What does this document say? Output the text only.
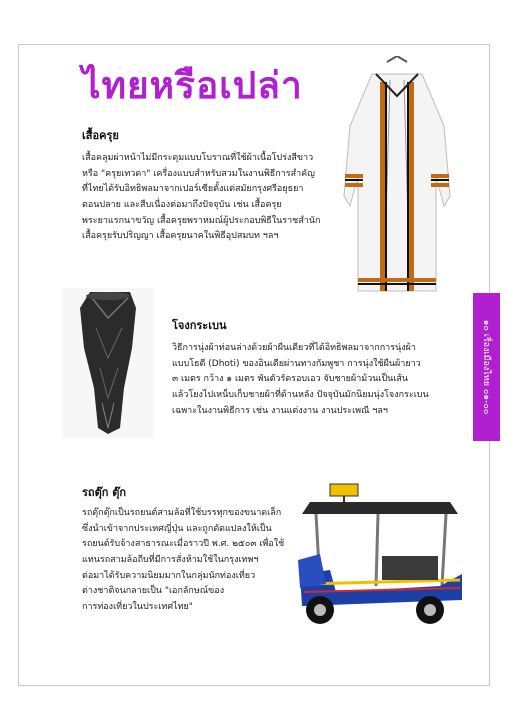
ไทยหรือเปล่า
เสื้อครุย
เสื้อคลุมผ่าหน้าไม่มีกระดุมแบบโบราณที่ใช้ผ้าเนื้อโปร่งสีขาว
หรือ "ครุยเทวดา" เครื่องแบบสำหรับสวมในงานพิธีการสำคัญ
ที่ไทยได้รับอิทธิพลมาจากเปอร์เซียตั้งแต่สมัยกรุงศรีอยุธยา
ตอนปลาย และสืบเนื่องต่อมาถึงปัจจุบัน เช่น เสื้อครุย
พระยาแรกนาขวัญ เสื้อครุยพราหมณ์ผู้ประกอบพิธีในราชสำนัก
เสื้อครุยรับปริญญา เสื้อครุยนาคในพิธีอุปสมบท ฯลฯ
โจงกระเบน
วิธีการนุ่งผ้าท่อนล่างด้วยผ้าผืนเดียวที่ได้อิทธิพลมาจากการนุ่งผ้า
แบบโธตี (Dhoti) ของอินเดียผ่านทางกัมพูชา การนุ่งใช้ผืนผ้ายาว
๓ เมตร กว้าง ๑ เมตร พันตัวรัดรอบเอว จับชายผ้าม้วนเป็นเส้น
แล้วโยงไปเหน็บเก็บชายผ้าที่ด้านหลัง ปัจจุบันมักนิยมนุ่งโจงกระเบน
เฉพาะในงานพิธีการ เช่น งานแต่งงาน งานประเพณี ฯลฯ
รถตุ๊ก ตุ๊ก
รถตุ๊กตุ๊กเป็นรถยนต์สามล้อที่ใช้บรรทุกของขนาดเล็ก
ซึ่งนำเข้าจากประเทศญี่ปุ่น และถูกดัดแปลงให้เป็น
รถยนต์รับจ้างสาธารณะเมื่อราวปี พ.ศ. ๒๕๐๓ เพื่อใช้
แทนรถสามล้อถีบที่มีการสั่งห้ามใช้ในกรุงเทพฯ
ต่อมาได้รับความนิยมมากในกลุ่มนักท่องเที่ยว
ต่างชาติจนกลายเป็น "เอกลักษณ์ของ
การท่องเที่ยวในประเทศไทย"
๑๐ เรื่องเมืองไทย ๐๑-๐๐
